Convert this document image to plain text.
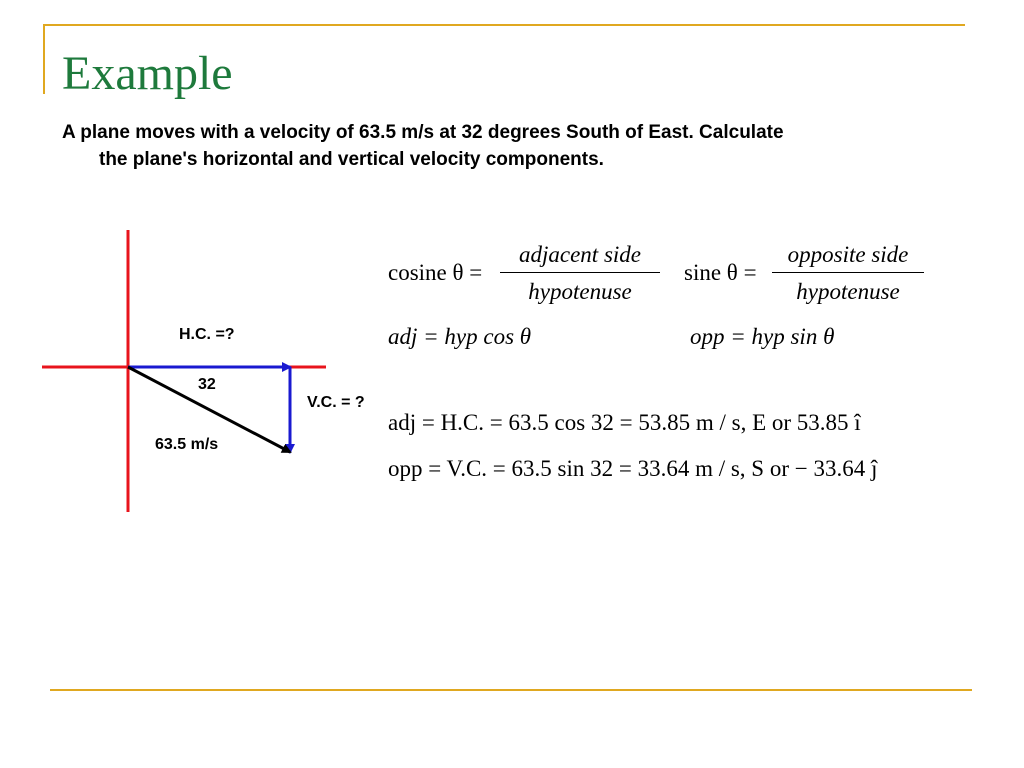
Example
A plane moves with a velocity of 63.5 m/s at 32 degrees South of East. Calculate
the plane's horizontal and vertical velocity components.
H.C. =?
32
V.C. = ?
63.5 m/s
cosine θ =
adjacent side
hypotenuse
sine θ =
opposite side
hypotenuse
adj = hyp cos θ	opp = hyp sin θ
adj = H.C. = 63.5 cos 32 = 53.85 m / s, E or 53.85 î
opp = V.C. = 63.5 sin 32 = 33.64 m / s, S or − 33.64 ĵ
